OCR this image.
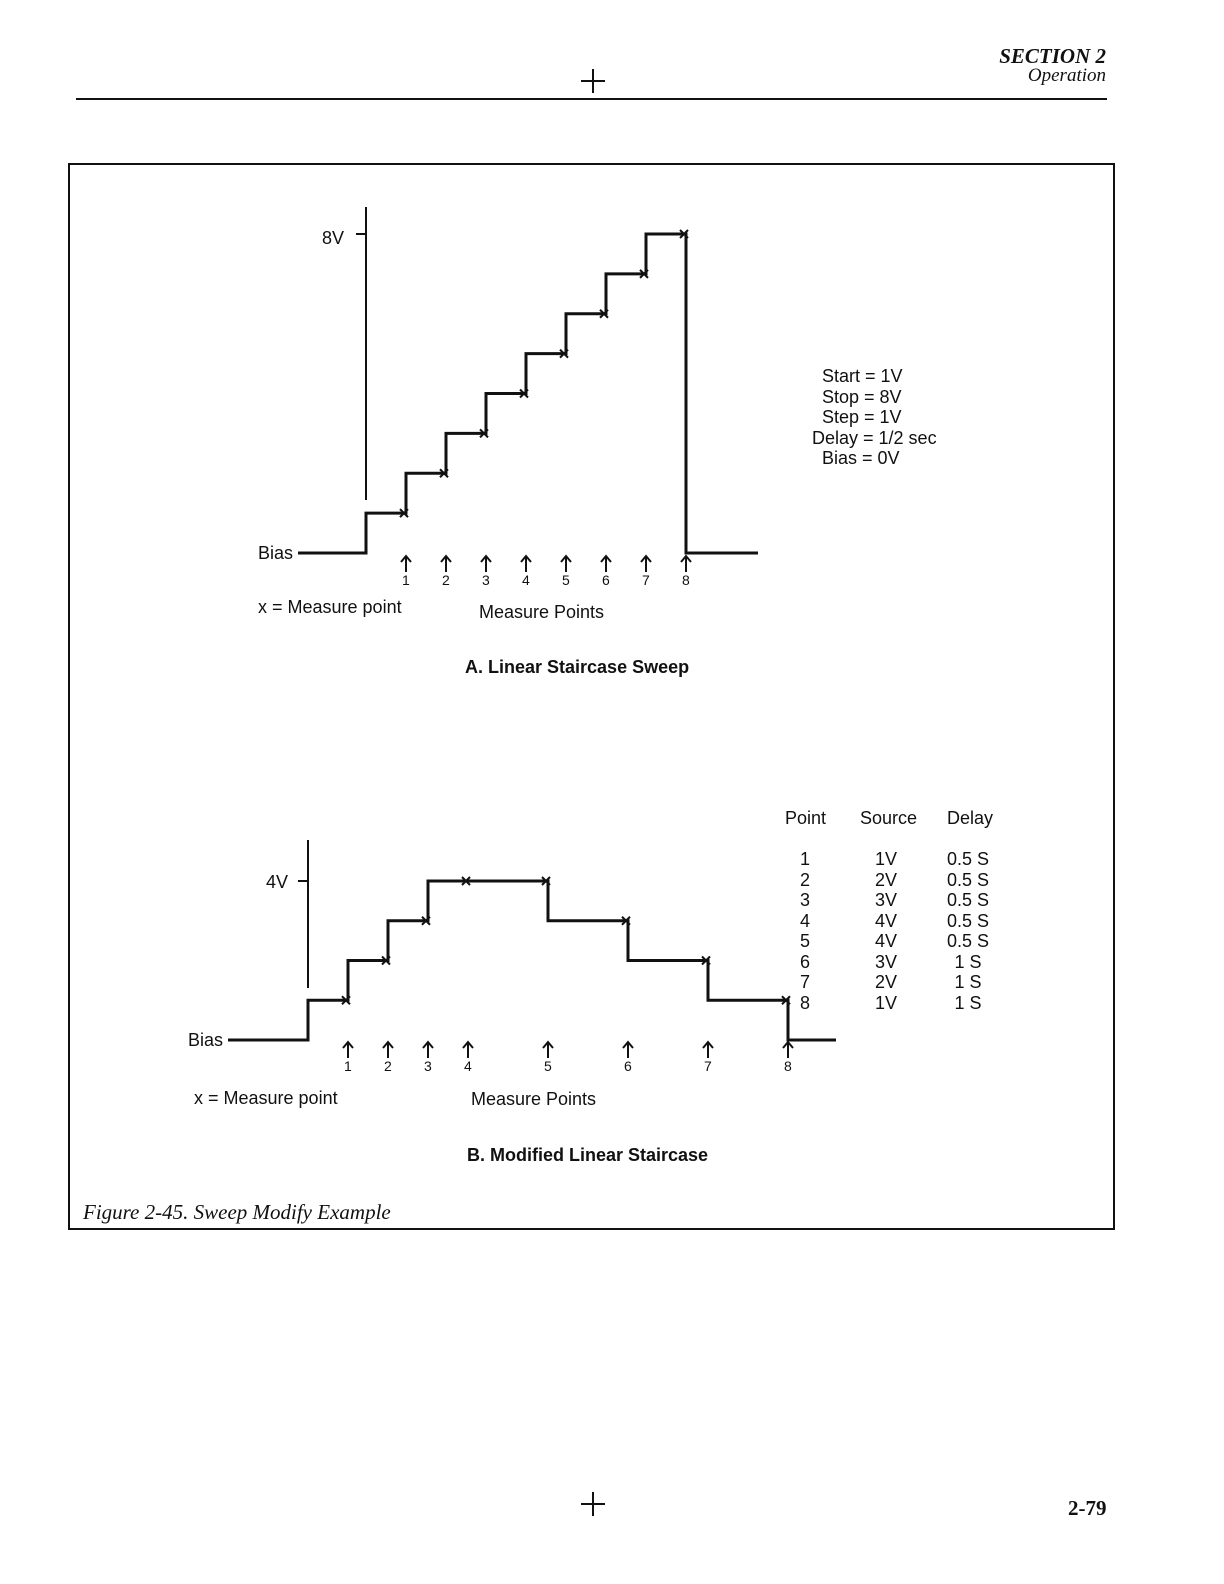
SECTION 2
Operation
8V
Bias
x = Measure point	Measure Points
A. Linear Staircase Sweep
Start = 1V
Stop = 8V
Step = 1V
Delay = 1/2 sec
Bias = 0V
4V
Bias
x = Measure point	Measure Points
B. Modified Linear Staircase
Point Source Delay
1	1V	0.5 S
2	2V	0.5 S
3	3V	0.5 S
4	4V	0.5 S
5	4V	0.5 S
6	3V	1 S
7	2V	1 S
8	1V	1 S
1 2 3 4 5 6 7 8
1 2 3 4	5	6	7	8
Figure 2-45. Sweep Modify Example
2-79
